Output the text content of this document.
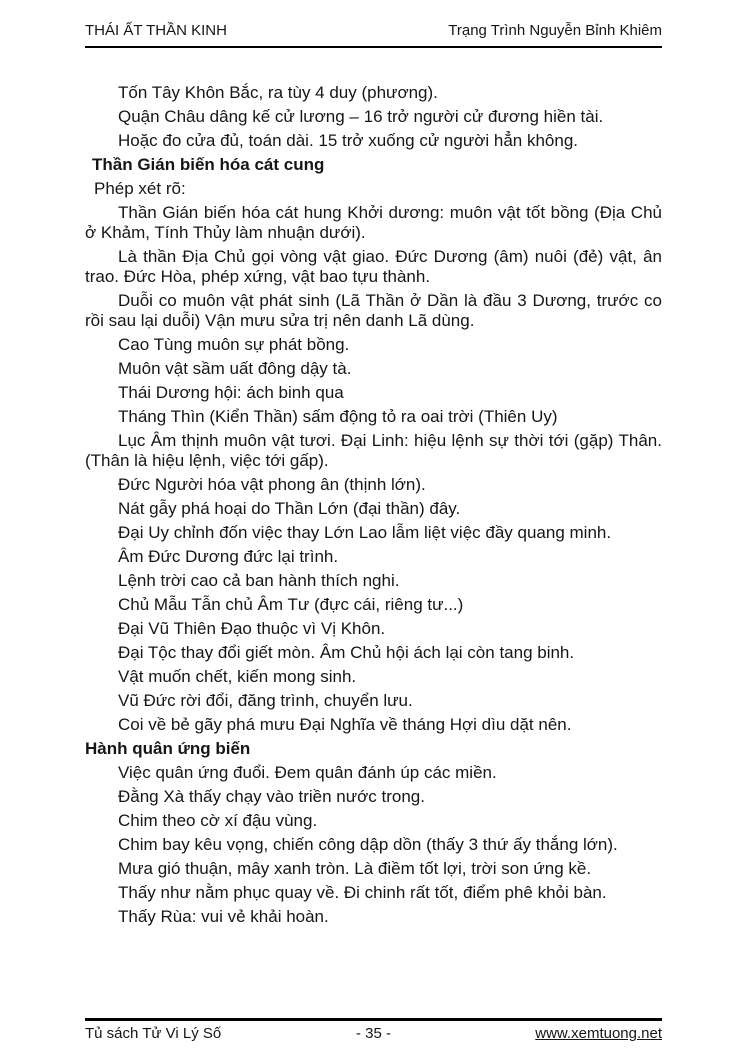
THÁI ẤT THẦN KINH	Trạng Trình Nguyễn Bỉnh Khiêm

Tốn Tây Khôn Bắc, ra tùy 4 duy (phương).

Quận Châu dâng kế cử lương – 16 trở người cử đương hiền tài.

Hoặc đo cửa đủ, toán dài. 15 trở xuống cử người hẳn không.

Thần Gián biến hóa cát cung

Phép xét rõ:

Thần Gián biến hóa cát hung Khởi dương: muôn vật tốt bồng (Địa Chủ ở Khảm, Tính Thủy làm nhuận dưới).

Là thần Địa Chủ gọi vòng vật giao. Đức Dương (âm) nuôi (đẻ) vật, ân trao. Đức Hòa, phép xứng, vật bao tựu thành.

Duỗi co muôn vật phát sinh (Lã Thần ở Dần là đầu 3 Dương, trước co rồi sau lại duỗi) Vận mưu sửa trị nên danh Lã dùng.

Cao Tùng muôn sự phát bồng.

Muôn vật sầm uất đông dậy tà.

Thái Dương hội: ách binh qua

Tháng Thìn (Kiển Thần) sấm động tỏ ra oai trời (Thiên Uy)

Lục Âm thịnh muôn vật tươi. Đại Linh: hiệu lệnh sự thời tới (gặp) Thân. (Thân là hiệu lệnh, việc tới gấp).

Đức Người hóa vật phong ân (thịnh lớn).

Nát gẫy phá hoại do Thần Lớn (đại thần) đây.

Đại Uy chỉnh đốn việc thay Lớn Lao lẫm liệt việc đầy quang minh.

Âm Đức Dương đức lại trình.

Lệnh trời cao cả ban hành thích nghi.

Chủ Mẫu Tẫn chủ Âm Tư (đực cái, riêng tư...)

Đại Vũ Thiên Đạo thuộc vì Vị Khôn.

Đại Tộc thay đổi giết mòn. Âm Chủ hội ách lại còn tang binh.

Vật muốn chết, kiến mong sinh.

Vũ Đức rời đổi, đăng trình, chuyển lưu.

Coi về bẻ gãy phá mưu Đại Nghĩa về tháng Hợi dìu dặt nên.

Hành quân ứng biến

Việc quân ứng đuổi. Đem quân đánh úp các miền.

Đằng Xà thấy chạy vào triền nước trong.

Chim theo cờ xí đậu vùng.

Chim bay kêu vọng, chiến công dập dồn (thấy 3 thứ ấy thắng lớn).

Mưa gió thuận, mây xanh tròn. Là điềm tốt lợi, trời son ứng kề.

Thấy như nằm phục quay về. Đi chinh rất tốt, điểm phê khỏi bàn.

Thấy Rùa: vui vẻ khải hoàn.

- 35 -
Tủ sách Tử Vi Lý Số	www.xemtuong.net
